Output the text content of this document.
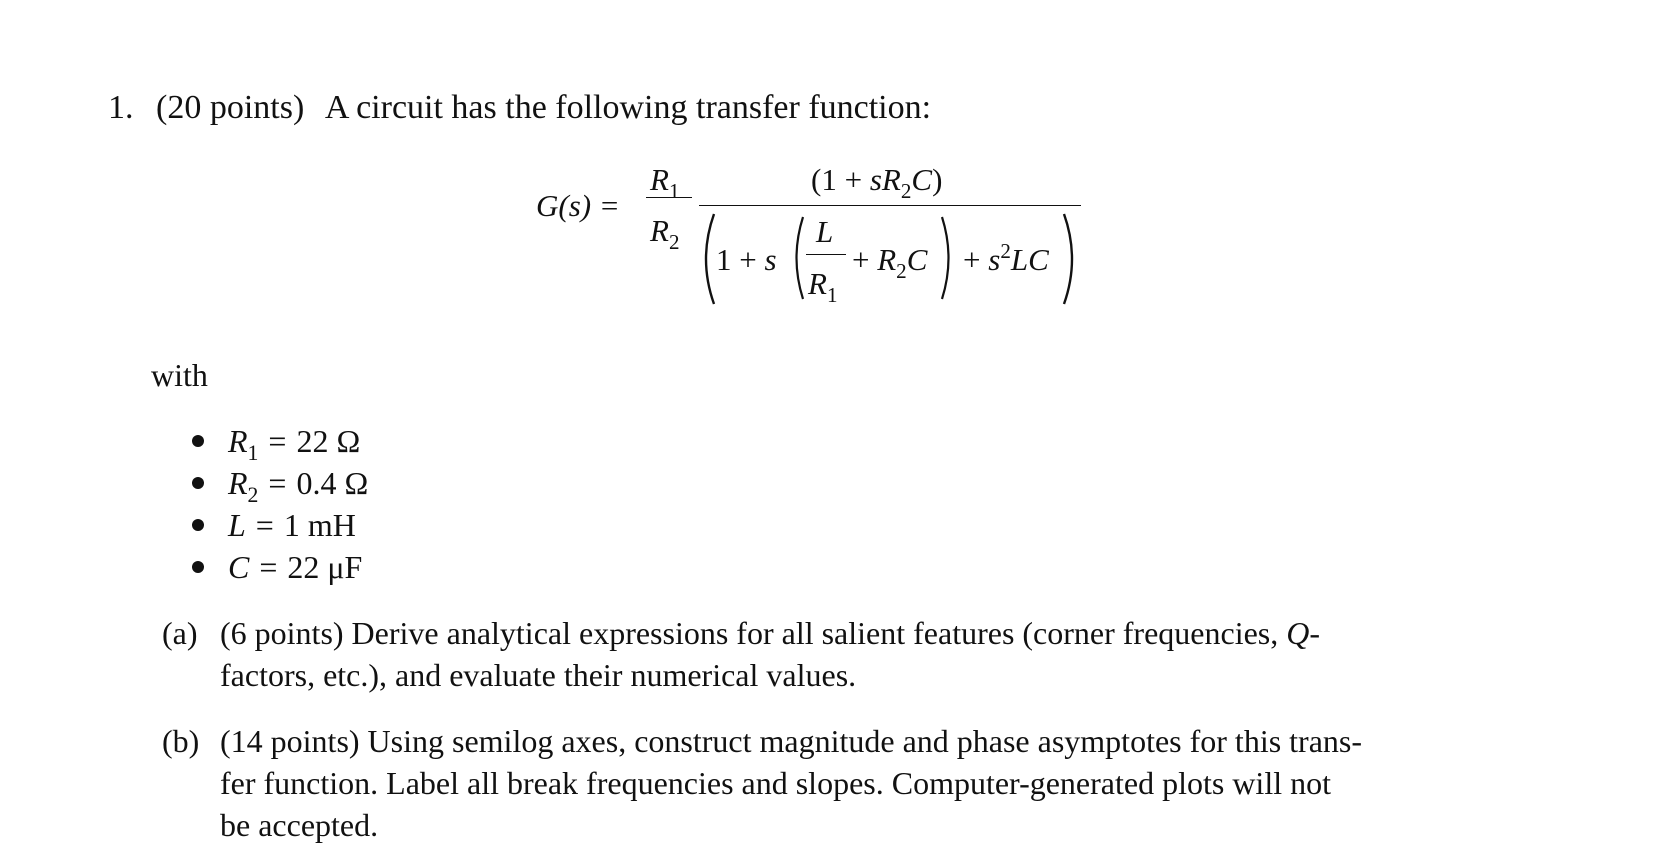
1. (20 points) A circuit has the following transfer function:
G(s) =
$R_1$
$R_2$
$(1 + sR_2C)$
1 + s
L
$R_1$
+ $R_2C + s^2LC$
with
$R_1 = 22$ Ω
$R_2 = 0.4$ Ω
L = 1 mH
C = 22 μF
(a) (6 points) Derive analytical expressions for all salient features (corner frequencies, Q-
factors, etc.), and evaluate their numerical values.
(b) (14 points) Using semilog axes, construct magnitude and phase asymptotes for this trans-
fer function. Label all break frequencies and slopes. Computer-generated plots will not
be accepted.
